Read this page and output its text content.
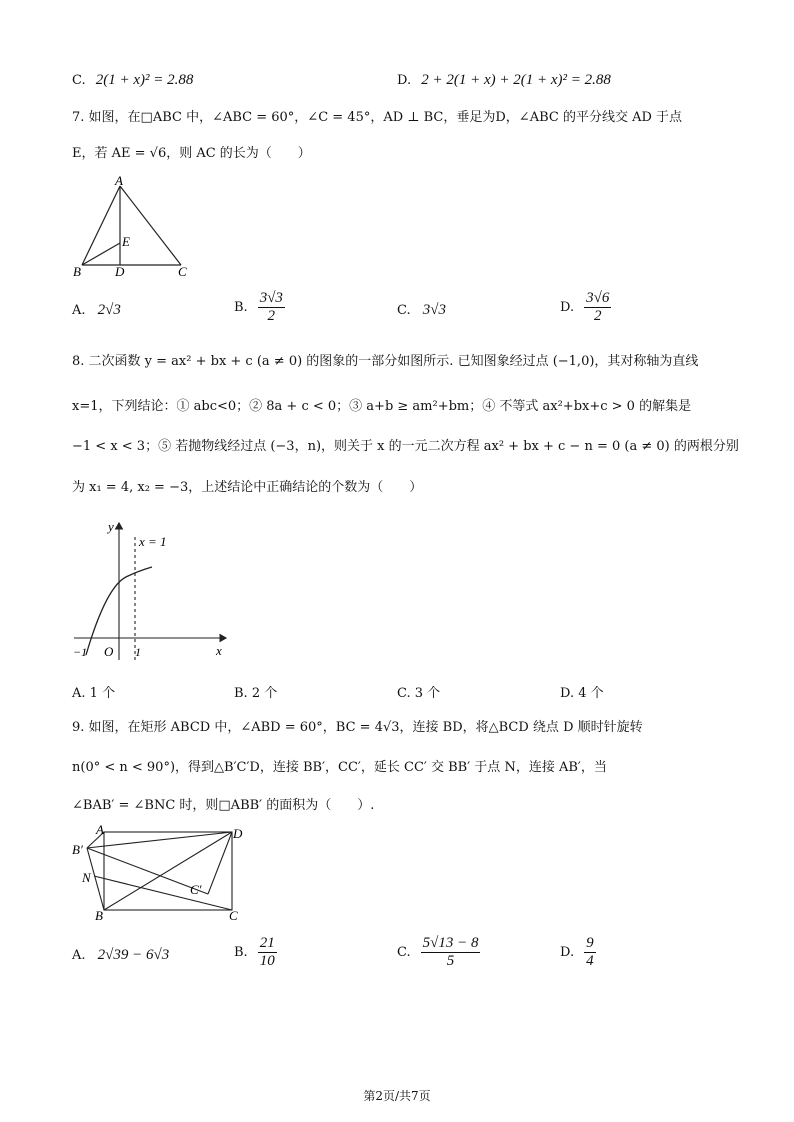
C. 2(1 + x)² = 2.88	D. 2 + 2(1 + x) + 2(1 + x)² = 2.88
7. 如图，在□ABC 中，∠ABC = 60°，∠C = 45°，AD ⊥ BC，垂足为D，∠ABC 的平分线交 AD 于点
E，若 AE = √6，则 AC 的长为（　　）
A
B	C
D
E
A. 2√3	B. $\frac{3√3}{2}$	C. 3√3	D. $\frac{3√6}{2}$
8. 二次函数 y = ax² + bx + c (a ≠ 0) 的图象的一部分如图所示. 已知图象经过点 (−1,0)，其对称轴为直线
x=1，下列结论：① abc<0；② 8a + c < 0；③ a+b ≥ am²+bm；④ 不等式 ax²+bx+c > 0 的解集是
−1 < x < 3；⑤ 若抛物线经过点 (−3，n)，则关于 x 的一元二次方程 ax² + bx + c − n = 0 (a ≠ 0) 的两根分别
为 x₁ = 4, x₂ = −3，上述结论中正确结论的个数为（　　）
y
x
x = 1
O
−1	1
A. 1 个	B. 2 个	C. 3 个	D. 4 个
9. 如图，在矩形 ABCD 中，∠ABD = 60°，BC = 4√3，连接 BD，将△BCD 绕点 D 顺时针旋转
n(0° < n < 90°)，得到△B′C′D，连接 BB′，CC′，延长 CC′ 交 BB′ 于点 N，连接 AB′，当
∠BAB′ = ∠BNC 时，则□ABB′ 的面积为（　　）.
A	D
B′
N
C′
B	C
A. 2√39 − 6√3	B. $\frac{21}{10}$	C. $\frac{5√13 - 8}{5}$	D. $\frac{9}{4}$
第2页/共7页
